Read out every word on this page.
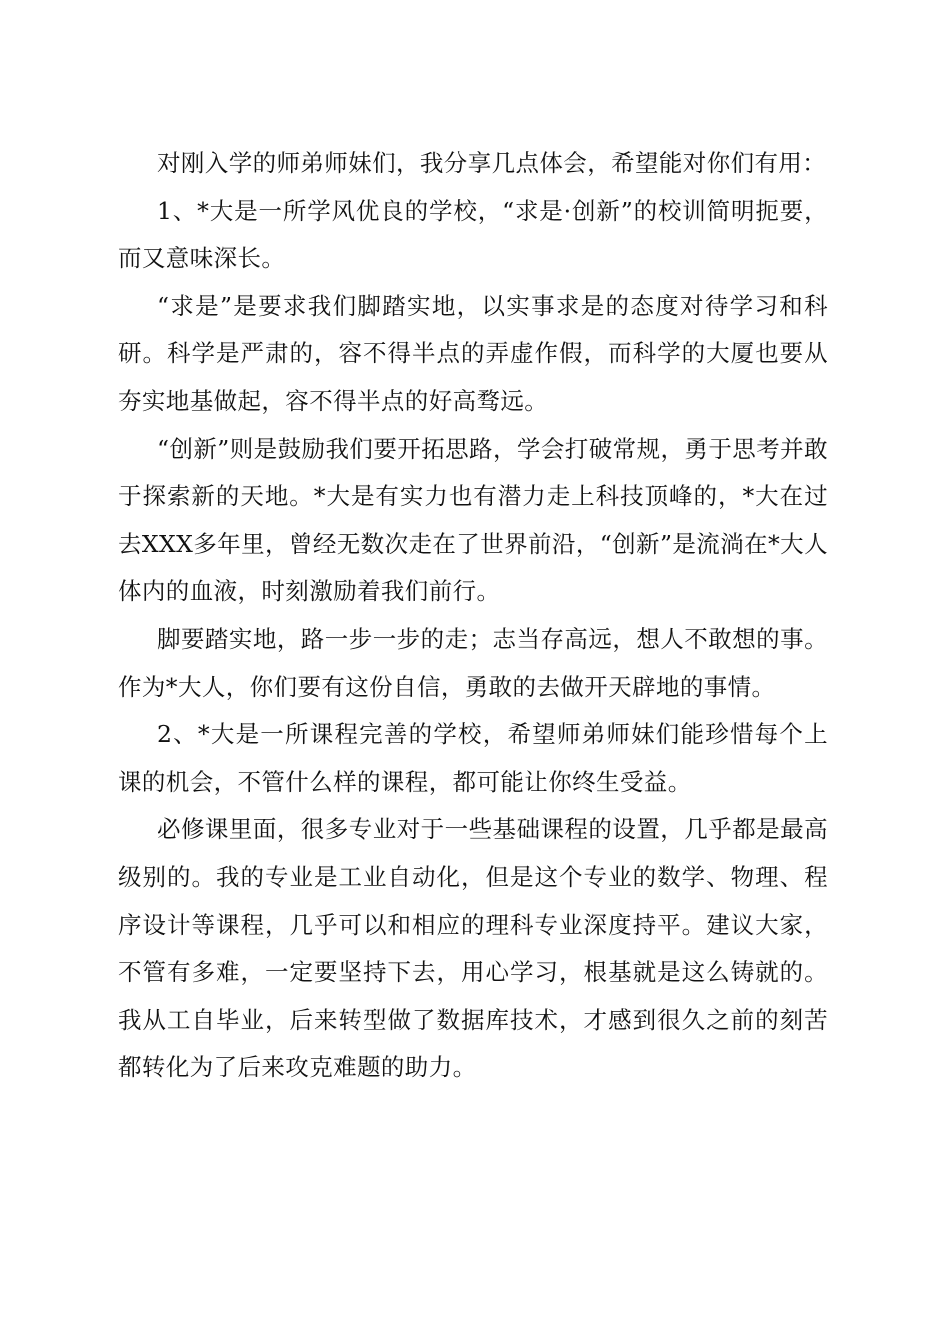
对刚入学的师弟师妹们，我分享几点体会，希望能对你们有用：

1、*大是一所学风优良的学校，“求是·创新”的校训简明扼要，而又意味深长。

“求是”是要求我们脚踏实地，以实事求是的态度对待学习和科研。科学是严肃的，容不得半点的弄虚作假，而科学的大厦也要从夯实地基做起，容不得半点的好高骛远。

“创新”则是鼓励我们要开拓思路，学会打破常规，勇于思考并敢于探索新的天地。*大是有实力也有潜力走上科技顶峰的，*大在过去XXX多年里，曾经无数次走在了世界前沿，“创新”是流淌在*大人体内的血液，时刻激励着我们前行。

脚要踏实地，路一步一步的走；志当存高远，想人不敢想的事。作为*大人，你们要有这份自信，勇敢的去做开天辟地的事情。

2、*大是一所课程完善的学校，希望师弟师妹们能珍惜每个上课的机会，不管什么样的课程，都可能让你终生受益。

必修课里面，很多专业对于一些基础课程的设置，几乎都是最高级别的。我的专业是工业自动化，但是这个专业的数学、物理、程序设计等课程，几乎可以和相应的理科专业深度持平。建议大家，不管有多难，一定要坚持下去，用心学习，根基就是这么铸就的。我从工自毕业，后来转型做了数据库技术，才感到很久之前的刻苦都转化为了后来攻克难题的助力。
